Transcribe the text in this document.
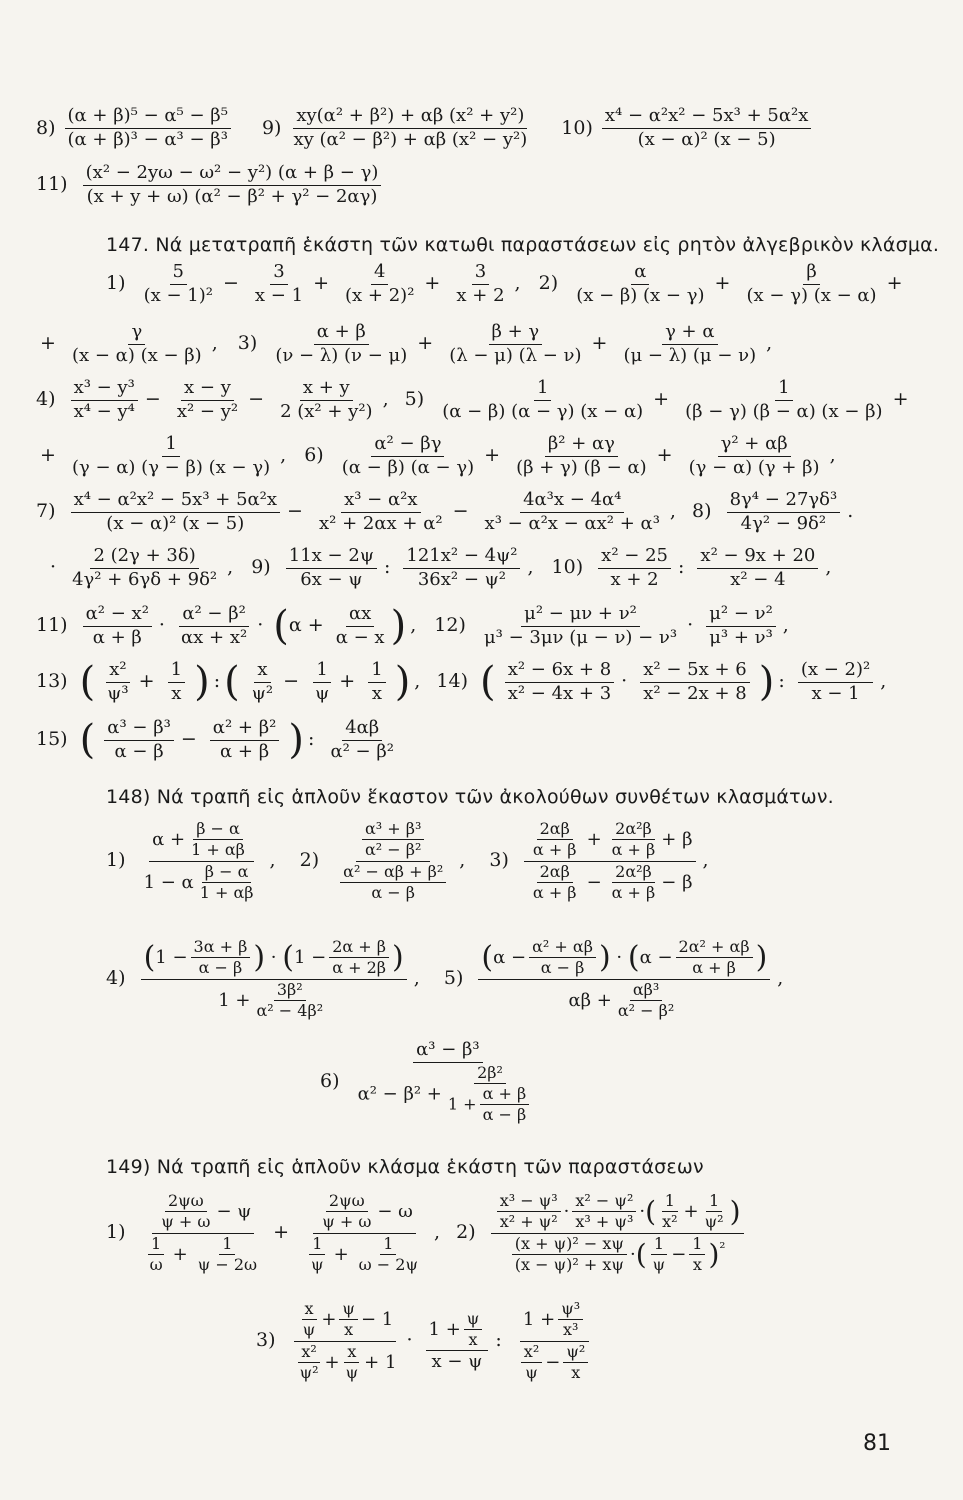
$8) \frac{\text{(α + β)⁵ − α⁵ − β⁵}}{\text{(α + β)³ − α³ − β³}}$
$9) \frac{\text{xy(α² + β²) + αβ (x² + y²)}}{\text{xy (α² − β²) + αβ (x² − y²)}}$
$10) \frac{\text{x⁴ − α²x² − 5x³ + 5α²x}}{\text{(x − α)² (x − 5)}}$
$11) \frac{\text{(x² − 2yω − ω² − y²) (α + β − γ)}}{\text{(x + y + ω) (α² − β² + γ² − 2αγ)}}$
147. Νά μετατραπῆ ἑκάστη τῶν κατωθι παραστάσεων εἰς ρητὸν ἀλγεβρικὸν κλάσμα.
$1) \frac{5}{\text{(x − 1)²}} - \frac{3}{x - 1} + \frac{4}{\text{(x + 2)²}} + \frac{3}{x + 2}$ , $2) \frac{\alpha}{(x - \beta) (x - \gamma)} + \frac{\beta}{(x - \gamma) (x - \alpha)}$ +
+ $\frac{\gamma}{(x - \alpha) (x - \beta)}$ , $3) \frac{\alpha + \beta}{(\nu - \lambda) (\nu - \mu)} + \frac{\beta + \gamma}{(\lambda - \mu) (\lambda - \nu)} + \frac{\gamma + \alpha}{(\mu - \lambda) (\mu - \nu)}$ ,
$4) \frac{\text{x³ − y³}}{\text{x⁴ − y⁴}} - \frac{x - y}{\text{x² − y²}} - \frac{x + y}{\text{2 (x² + y²)}}$ , $5) \frac{1}{(\alpha - \beta) (\alpha - \gamma) (x - \alpha)} + \frac{1}{(\beta - \gamma) (\beta - \alpha) (x - \beta)}$ +
+ $\frac{1}{(\gamma - \alpha) (\gamma - \beta) (x - \gamma)}$ , $6) \frac{\text{α² − βγ}}{(\alpha - \beta) (\alpha - \gamma)} + \frac{\text{β² + αγ}}{(\beta + \gamma) (\beta - \alpha)} + \frac{\text{γ² + αβ}}{(\gamma - \alpha) (\gamma + \beta)}$ ,
$7) \frac{\text{x⁴ − α²x² − 5x³ + 5α²x}}{\text{(x − α)² (x − 5)}} - \frac{\text{x³ − α²x}}{\text{x² + 2αx + α²}} - \frac{\text{4α³x − 4α⁴}}{\text{x³ − α²x − αx² + α³}}$ , $8) \frac{\text{8γ⁴ − 27γδ³}}{\text{4γ² − 9δ²}}$ .
· $\frac{2 (2\gamma + 3\delta)}{\text{4γ² + 6γδ + 9δ²}}$ , $9) \frac{11x - 2\psi}{6x - \psi}$ : $\frac{\text{121x² − 4ψ²}}{\text{36x² − ψ²}}$ , $10) \frac{\text{x² − 25}}{x + 2}$ : $\frac{\text{x² − 9x + 20}}{\text{x² − 4}}$ ,
$11) \frac{\text{α² − x²}}{\alpha + \beta} \cdot \frac{\text{α² − β²}}{\text{αx + x²}} \cdot (\alpha + \frac{\alpha x}{\alpha - x}$ ) , $12) \frac{\text{μ² − μν + ν²}}{\text{μ³ − 3μν (μ − ν) − ν³}} \cdot \frac{\text{μ² − ν²}}{\text{μ³ + ν³}}$ ,
13) ( $\frac{\text{x²}}{\text{ψ³}} + \frac{1}{x}$ ) : ( $\frac{x}{\text{ψ²}} - \frac{1}{\psi} + \frac{1}{x}$ ) , 14) ( $\frac{\text{x² − 6x + 8}}{\text{x² − 4x + 3}} \cdot \frac{\text{x² − 5x + 6}}{\text{x² − 2x + 8}}$ ) : $\frac{\text{(x − 2)²}}{x - 1}$ ,
15) ( $\frac{\text{α³ − β³}}{\alpha - \beta} - \frac{\text{α² + β²}}{\alpha + \beta}$ ) : $\frac{4\alpha\beta}{\text{α² − β²}}$
148) Νά τραπῆ εἰς ἁπλοῦν ἕκαστον τῶν ἀκολούθων συνθέτων κλασμάτων.
$1) \frac{\alpha + \frac{\beta - \alpha}{1 + \alpha\beta}}{1 - \alpha \frac{\beta - \alpha}{1 + \alpha\beta}}$ , $2) \frac{\frac{\text{α³ + β³}}{\text{α² − β²}}}{\frac{\text{α² − αβ + β²}}{\alpha - \beta}}$ , $3) \frac{\frac{2\alpha\beta}{\alpha + \beta} + \frac{\text{2α²β}}{\alpha + \beta} + \beta}{\frac{2\alpha\beta}{\alpha + \beta} - \frac{\text{2α²β}}{\alpha + \beta} - \beta}$ ,
$4) \frac{(1 - \frac{3\alpha + \beta}{\alpha - \beta} ) \cdot (1 - \frac{2\alpha + \beta}{\alpha + 2\beta} )}{1 + \frac{\text{3β²}}{\text{α² − 4β²}}}$ , $5) \frac{(\alpha - \frac{\text{α² + αβ}}{\alpha - \beta} ) \cdot (\alpha - \frac{\text{2α² + αβ}}{\alpha + \beta} )}{\alpha\beta + \frac{\text{αβ³}}{\text{α² − β²}}}$ ,
$6) \frac{\text{α³ − β³}}{\alpha^2 - \beta^2 + \frac{\text{2β²}}{1 + \frac{\alpha + \beta}{\alpha - \beta}}}$
149) Νά τραπῆ εἰς ἁπλοῦν κλάσμα ἑκάστη τῶν παραστάσεων
$1) \frac{\frac{2\psi\omega}{\psi + \omega} - \psi}{\frac{1}{\omega} + \frac{1}{\psi - 2\omega}} + \frac{\frac{2\psi\omega}{\psi + \omega} - \omega}{\frac{1}{\psi} + \frac{1}{\omega - 2\psi}}$ , $2) \frac{\frac{\text{x³ − ψ³}}{\text{x² + ψ²}} \cdot \frac{\text{x² − ψ²}}{\text{x³ + ψ³}} \cdot( \frac{1}{\text{x²}} + \frac{1}{\text{ψ²}} )}{\frac{\text{(x + ψ)² − xψ}}{\text{(x − ψ)² + xψ}} \cdot( \frac{1}{\psi} - \frac{1}{x} )^{^2}}$
$3) \frac{\frac{x}{\psi} + \frac{\psi}{x} - 1}{\frac{\text{x²}}{\text{ψ²}} + \frac{x}{\psi} + 1} \cdot \frac{1 + \frac{\psi}{x}}{x - \psi}$ : $\frac{1 + \frac{\text{ψ³}}{\text{x³}}}{\frac{\text{x²}}{\psi} - \frac{\text{ψ²}}{x}}$
81
